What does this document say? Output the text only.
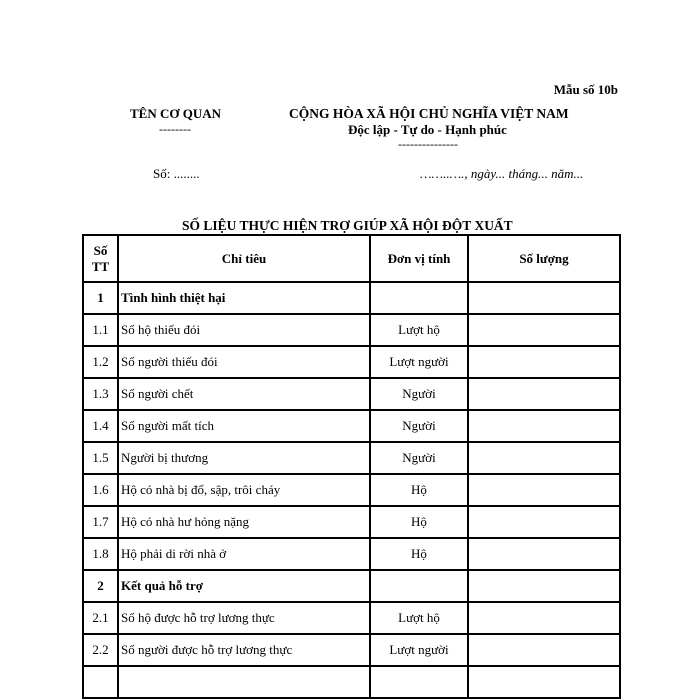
Mẫu số 10b
TÊN CƠ QUAN
--------
CỘNG HÒA XÃ HỘI CHỦ NGHĨA VIỆT NAM
Độc lập - Tự do - Hạnh phúc
---------------
Số: ........	……..…., ngày... tháng... năm...
SỐ LIỆU THỰC HIỆN TRỢ GIÚP XÃ HỘI ĐỘT XUẤT
Số
TT	Chỉ tiêu	Đơn vị tính	Số lượng
1	Tình hình thiệt hại		
1.1	Số hộ thiếu đói	Lượt hộ	
1.2	Số người thiếu đói	Lượt người	
1.3	Số người chết	Người	
1.4	Số người mất tích	Người	
1.5	Người bị thương	Người	
1.6	Hộ có nhà bị đổ, sập, trôi cháy	Hộ	
1.7	Hộ có nhà hư hỏng nặng	Hộ	
1.8	Hộ phải di rời nhà ở	Hộ	
2	Kết quả hỗ trợ		
2.1	Số hộ được hỗ trợ lương thực	Lượt hộ	
2.2	Số người được hỗ trợ lương thực	Lượt người	
